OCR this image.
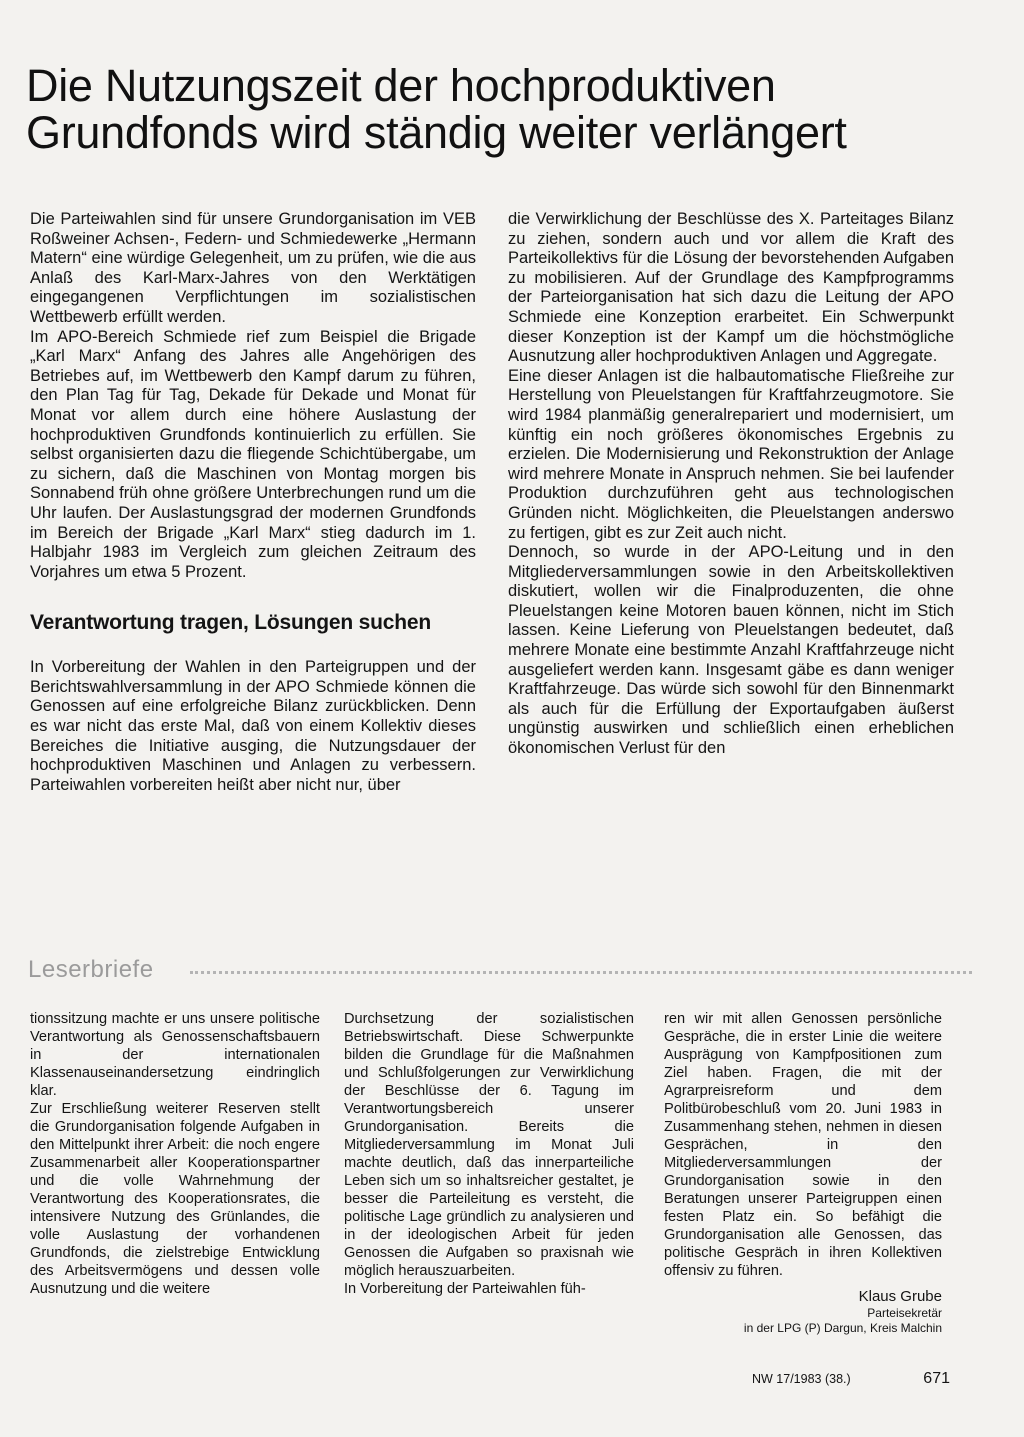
Die Nutzungszeit der hochproduktiven
Grundfonds wird ständig weiter verlängert

Die Parteiwahlen sind für unsere Grundorganisation im VEB Roßweiner Achsen-, Federn- und Schmiedewerke „Hermann Matern“ eine würdige Gelegenheit, um zu prüfen, wie die aus Anlaß des Karl-Marx-Jahres von den Werktätigen eingegangenen Verpflichtungen im sozialistischen Wettbewerb erfüllt werden.

Im APO-Bereich Schmiede rief zum Beispiel die Brigade „Karl Marx“ Anfang des Jahres alle Angehörigen des Betriebes auf, im Wettbewerb den Kampf darum zu führen, den Plan Tag für Tag, Dekade für Dekade und Monat für Monat vor allem durch eine höhere Auslastung der hochproduktiven Grundfonds kontinuierlich zu erfüllen. Sie selbst organisierten dazu die fliegende Schichtübergabe, um zu sichern, daß die Maschinen von Montag morgen bis Sonnabend früh ohne größere Unterbrechungen rund um die Uhr laufen. Der Auslastungsgrad der modernen Grundfonds im Bereich der Brigade „Karl Marx“ stieg dadurch im 1. Halbjahr 1983 im Vergleich zum gleichen Zeitraum des Vorjahres um etwa 5 Prozent.

Verantwortung tragen, Lösungen suchen

In Vorbereitung der Wahlen in den Parteigruppen und der Berichtswahlversammlung in der APO Schmiede können die Genossen auf eine erfolgreiche Bilanz zurückblicken. Denn es war nicht das erste Mal, daß von einem Kollektiv dieses Bereiches die Initiative ausging, die Nutzungsdauer der hochproduktiven Maschinen und Anlagen zu verbessern. Parteiwahlen vorbereiten heißt aber nicht nur, über

die Verwirklichung der Beschlüsse des X. Parteitages Bilanz zu ziehen, sondern auch und vor allem die Kraft des Parteikollektivs für die Lösung der bevorstehenden Aufgaben zu mobilisieren. Auf der Grundlage des Kampfprogramms der Parteiorganisation hat sich dazu die Leitung der APO Schmiede eine Konzeption erarbeitet. Ein Schwerpunkt dieser Konzeption ist der Kampf um die höchstmögliche Ausnutzung aller hochproduktiven Anlagen und Aggregate.

Eine dieser Anlagen ist die halbautomatische Fließreihe zur Herstellung von Pleuelstangen für Kraftfahrzeugmotore. Sie wird 1984 planmäßig generalrepariert und modernisiert, um künftig ein noch größeres ökonomisches Ergebnis zu erzielen. Die Modernisierung und Rekonstruktion der Anlage wird mehrere Monate in Anspruch nehmen. Sie bei laufender Produktion durchzuführen geht aus technologischen Gründen nicht. Möglichkeiten, die Pleuelstangen anderswo zu fertigen, gibt es zur Zeit auch nicht.

Dennoch, so wurde in der APO-Leitung und in den Mitgliederversammlungen sowie in den Arbeitskollektiven diskutiert, wollen wir die Finalproduzenten, die ohne Pleuelstangen keine Motoren bauen können, nicht im Stich lassen. Keine Lieferung von Pleuelstangen bedeutet, daß mehrere Monate eine bestimmte Anzahl Kraftfahrzeuge nicht ausgeliefert werden kann. Insgesamt gäbe es dann weniger Kraftfahrzeuge. Das würde sich sowohl für den Binnenmarkt als auch für die Erfüllung der Exportaufgaben äußerst ungünstig auswirken und schließlich einen erheblichen ökonomischen Verlust für den

Leserbriefe

tionssitzung machte er uns unsere politische Verantwortung als Genossenschaftsbauern in der internationalen Klassenauseinandersetzung eindringlich klar.

Zur Erschließung weiterer Reserven stellt die Grundorganisation folgende Aufgaben in den Mittelpunkt ihrer Arbeit: die noch engere Zusammenarbeit aller Kooperationspartner und die volle Wahrnehmung der Verantwortung des Kooperationsrates, die intensivere Nutzung des Grünlandes, die volle Auslastung der vorhandenen Grundfonds, die zielstrebige Entwicklung des Arbeitsvermögens und dessen volle Ausnutzung und die weitere

Durchsetzung der sozialistischen Betriebswirtschaft. Diese Schwerpunkte bilden die Grundlage für die Maßnahmen und Schlußfolgerungen zur Verwirklichung der Beschlüsse der 6. Tagung im Verantwortungsbereich unserer Grundorganisation. Bereits die Mitgliederversammlung im Monat Juli machte deutlich, daß das innerparteiliche Leben sich um so inhaltsreicher gestaltet, je besser die Parteileitung es versteht, die politische Lage gründlich zu analysieren und in der ideologischen Arbeit für jeden Genossen die Aufgaben so praxisnah wie möglich herauszuarbeiten.

In Vorbereitung der Parteiwahlen füh-

ren wir mit allen Genossen persönliche Gespräche, die in erster Linie die weitere Ausprägung von Kampfpositionen zum Ziel haben. Fragen, die mit der Agrarpreisreform und dem Politbürobeschluß vom 20. Juni 1983 in Zusammenhang stehen, nehmen in diesen Gesprächen, in den Mitgliederversammlungen der Grundorganisation sowie in den Beratungen unserer Parteigruppen einen festen Platz ein. So befähigt die Grundorganisation alle Genossen, das politische Gespräch in ihren Kollektiven offensiv zu führen.

Klaus Grube
Parteisekretär
in der LPG (P) Dargun, Kreis Malchin
NW 17/1983 (38.)	671
